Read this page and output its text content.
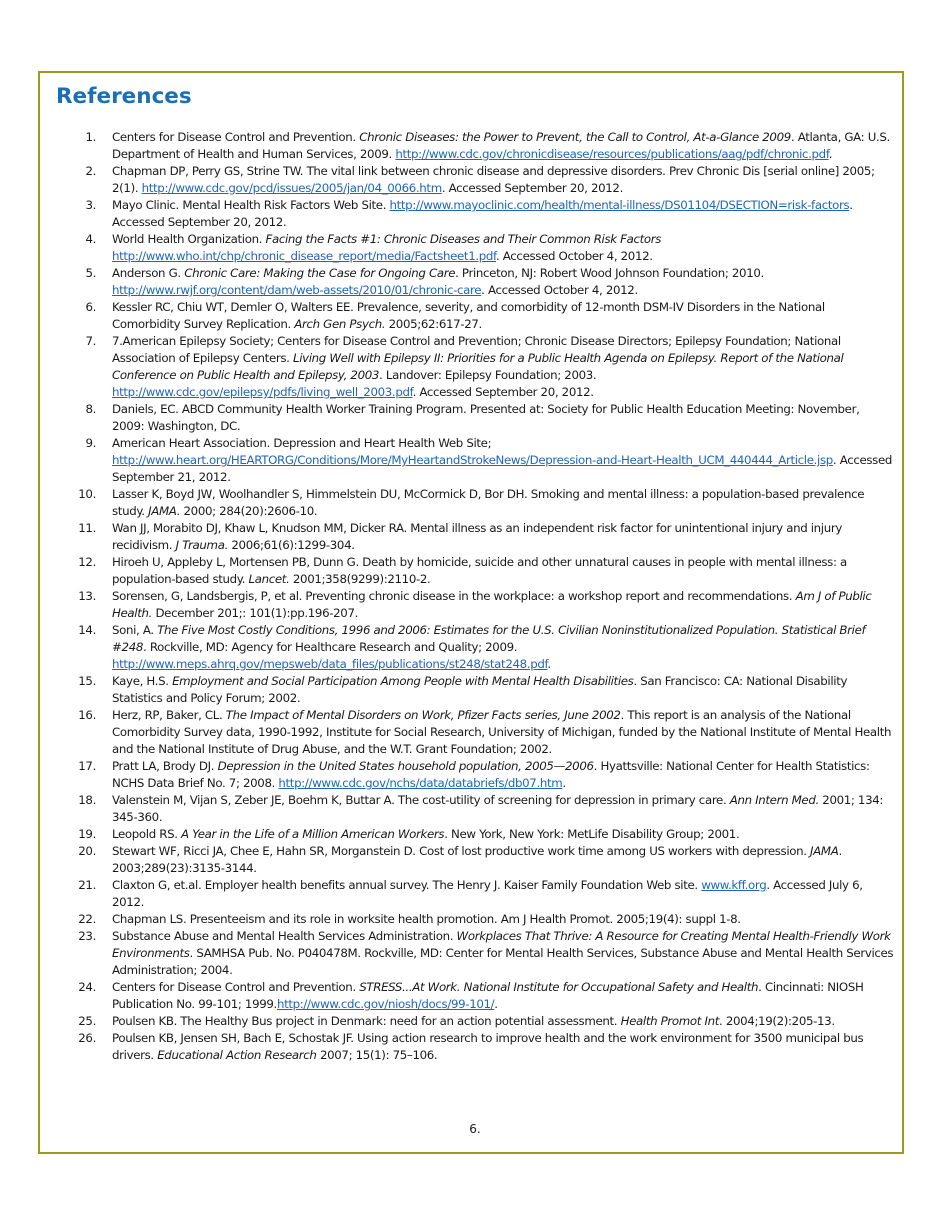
References
1. Centers for Disease Control and Prevention. Chronic Diseases: the Power to Prevent, the Call to Control, At-a-Glance 2009. Atlanta, GA: U.S. Department of Health and Human Services, 2009. http://www.cdc.gov/chronicdisease/resources/publications/aag/pdf/chronic.pdf.
2. Chapman DP, Perry GS, Strine TW. The vital link between chronic disease and depressive disorders. Prev Chronic Dis [serial online] 2005; 2(1). http://www.cdc.gov/pcd/issues/2005/jan/04_0066.htm. Accessed September 20, 2012.
3. Mayo Clinic. Mental Health Risk Factors Web Site. http://www.mayoclinic.com/health/mental-illness/DS01104/DSECTION=risk-factors. Accessed September 20, 2012.
4. World Health Organization. Facing the Facts #1: Chronic Diseases and Their Common Risk Factors http://www.who.int/chp/chronic_disease_report/media/Factsheet1.pdf. Accessed October 4, 2012.
5. Anderson G. Chronic Care: Making the Case for Ongoing Care. Princeton, NJ: Robert Wood Johnson Foundation; 2010. http://www.rwjf.org/content/dam/web-assets/2010/01/chronic-care. Accessed October 4, 2012.
6. Kessler RC, Chiu WT, Demler O, Walters EE. Prevalence, severity, and comorbidity of 12-month DSM-IV Disorders in the National Comorbidity Survey Replication. Arch Gen Psych. 2005;62:617-27.
7. 7.American Epilepsy Society; Centers for Disease Control and Prevention; Chronic Disease Directors; Epilepsy Foundation; National Association of Epilepsy Centers. Living Well with Epilepsy II: Priorities for a Public Health Agenda on Epilepsy. Report of the National Conference on Public Health and Epilepsy, 2003. Landover: Epilepsy Foundation; 2003. http://www.cdc.gov/epilepsy/pdfs/living_well_2003.pdf. Accessed September 20, 2012.
8. Daniels, EC. ABCD Community Health Worker Training Program. Presented at: Society for Public Health Education Meeting: November, 2009: Washington, DC.
9. American Heart Association. Depression and Heart Health Web Site; http://www.heart.org/HEARTORG/Conditions/More/MyHeartandStrokeNews/Depression-and-Heart-Health_UCM_440444_Article.jsp. Accessed September 21, 2012.
10. Lasser K, Boyd JW, Woolhandler S, Himmelstein DU, McCormick D, Bor DH. Smoking and mental illness: a population-based prevalence study. JAMA. 2000; 284(20):2606-10.
11. Wan JJ, Morabito DJ, Khaw L, Knudson MM, Dicker RA. Mental illness as an independent risk factor for unintentional injury and injury recidivism. J Trauma. 2006;61(6):1299-304.
12. Hiroeh U, Appleby L, Mortensen PB, Dunn G. Death by homicide, suicide and other unnatural causes in people with mental illness: a population-based study. Lancet. 2001;358(9299):2110-2.
13. Sorensen, G, Landsbergis, P, et al. Preventing chronic disease in the workplace: a workshop report and recommendations. Am J of Public Health. December 201;: 101(1):pp.196-207.
14. Soni, A. The Five Most Costly Conditions, 1996 and 2006: Estimates for the U.S. Civilian Noninstitutionalized Population. Statistical Brief #248. Rockville, MD: Agency for Healthcare Research and Quality; 2009. http://www.meps.ahrq.gov/mepsweb/data_files/publications/st248/stat248.pdf.
15. Kaye, H.S. Employment and Social Participation Among People with Mental Health Disabilities. San Francisco: CA: National Disability Statistics and Policy Forum; 2002.
16. Herz, RP, Baker, CL. The Impact of Mental Disorders on Work, Pfizer Facts series, June 2002. This report is an analysis of the National Comorbidity Survey data, 1990-1992, Institute for Social Research, University of Michigan, funded by the National Institute of Mental Health and the National Institute of Drug Abuse, and the W.T. Grant Foundation; 2002.
17. Pratt LA, Brody DJ. Depression in the United States household population, 2005—2006. Hyattsville: National Center for Health Statistics: NCHS Data Brief No. 7; 2008. http://www.cdc.gov/nchs/data/databriefs/db07.htm.
18. Valenstein M, Vijan S, Zeber JE, Boehm K, Buttar A. The cost-utility of screening for depression in primary care. Ann Intern Med. 2001; 134: 345-360.
19. Leopold RS. A Year in the Life of a Million American Workers. New York, New York: MetLife Disability Group; 2001.
20. Stewart WF, Ricci JA, Chee E, Hahn SR, Morganstein D. Cost of lost productive work time among US workers with depression. JAMA. 2003;289(23):3135-3144.
21. Claxton G, et.al. Employer health benefits annual survey. The Henry J. Kaiser Family Foundation Web site. www.kff.org. Accessed July 6, 2012.
22. Chapman LS. Presenteeism and its role in worksite health promotion. Am J Health Promot. 2005;19(4): suppl 1-8.
23. Substance Abuse and Mental Health Services Administration. Workplaces That Thrive: A Resource for Creating Mental Health-Friendly Work Environments. SAMHSA Pub. No. P040478M. Rockville, MD: Center for Mental Health Services, Substance Abuse and Mental Health Services Administration; 2004.
24. Centers for Disease Control and Prevention. STRESS...At Work. National Institute for Occupational Safety and Health. Cincinnati: NIOSH Publication No. 99-101; 1999.http://www.cdc.gov/niosh/docs/99-101/.
25. Poulsen KB. The Healthy Bus project in Denmark: need for an action potential assessment. Health Promot Int. 2004;19(2):205-13.
26. Poulsen KB, Jensen SH, Bach E, Schostak JF. Using action research to improve health and the work environment for 3500 municipal bus drivers. Educational Action Research 2007; 15(1): 75–106.
6.
